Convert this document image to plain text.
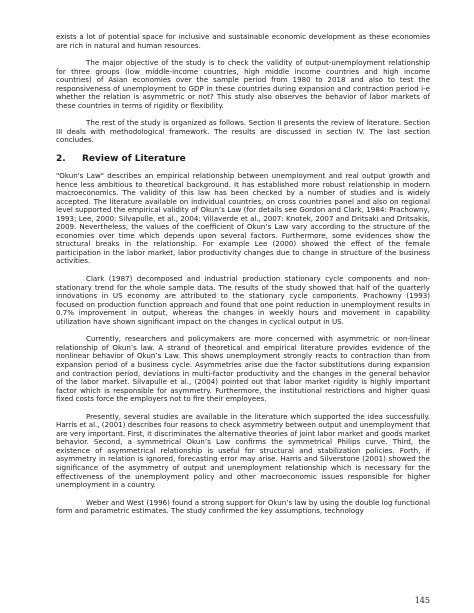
exists a lot of potential space for inclusive and sustainable economic development as these economies are rich in natural and human resources.

The major objective of the study is to check the validity of output-unemployment relationship for three groups (low middle-income countries, high middle income countries and high income countries) of Asian economies over the sample period from 1980 to 2018 and also to test the responsiveness of unemployment to GDP in these countries during expansion and contraction period i-e whether the relation is asymmetric or not? This study also observes the behavior of labor markets of these countries in terms of rigidity or flexibility.

The rest of the study is organized as follows. Section II presents the review of literature. Section III deals with methodological framework. The results are discussed in section IV. The last section concludes.

2.	Review of Literature

"Okun's Law" describes an empirical relationship between unemployment and real output growth and hence less ambitious to theoretical background. It has established more robust relationship in modern macroeconomics. The validity of this law has been checked by a number of studies and is widely accepted. The literature available on individual countries, on cross countries panel and also on regional level supported the empirical validity of Okun’s Law (for details see Gordon and Clark, 1984: Prachowny, 1993; Lee, 2000: Silvapulle, et al., 2004: Villaverde et al., 2007: Knotek, 2007 and Dritsaki and Dritsakis, 2009. Nevertheless, the values of the coefficient of Okun’s Law vary according to the structure of the economies over time which depends upon several factors. Furthermore, some evidences show the structural breaks in the relationship. For example Lee (2000) showed the effect of the female participation in the labor market, labor productivity changes due to change in structure of the business activities.

Clark (1987) decomposed and industrial production stationary cycle components and non-stationary trend for the whole sample data. The results of the study showed that half of the quarterly innovations in US economy are attributed to the stationary cycle components. Prachowny (1993) focused on production function approach and found that one point reduction in unemployment results in 0.7% improvement in output, whereas the changes in weekly hours and movement in capability utilization have shown significant impact on the changes in cyclical output in US.

Currently, researchers and policymakers are more concerned with asymmetric or non-linear relationship of Okun’s law. A strand of theoretical and empirical literature provides evidence of the nonlinear behavior of Okun’s Law. This shows unemployment strongly reacts to contraction than from expansion period of a business cycle. Asymmetries arise due the factor substitutions during expansion and contraction period, deviations in multi-factor productivity and the changes in the general behavior of the labor market. Silvapulle et al., (2004) pointed out that labor market rigidity is highly important factor which is responsible for asymmetry. Furthermore, the institutional restrictions and higher quasi fixed costs force the employers not to fire their employees.

Presently, several studies are available in the literature which supported the idea successfully. Harris et al., (2001) describes four reasons to check asymmetry between output and unemployment that are very important. First, it discriminates the alternative theories of joint labor market and goods market behavior. Second, a symmetrical Okun’s Law confirms the symmetrical Philips curve. Third, the existence of asymmetrical relationship is useful for structural and stabilization policies. Forth, if asymmetry in relation is ignored, forecasting error may arise. Harris and Silverstone (2001) showed the significance of the asymmetry of output and unemployment relationship which is necessary for the effectiveness of the unemployment policy and other macroeconomic issues responsible for higher unemployment in a country.

Weber and West (1996) found a strong support for Okun’s law by using the double log functional form and parametric estimates. The study confirmed the key assumptions, technology

145
